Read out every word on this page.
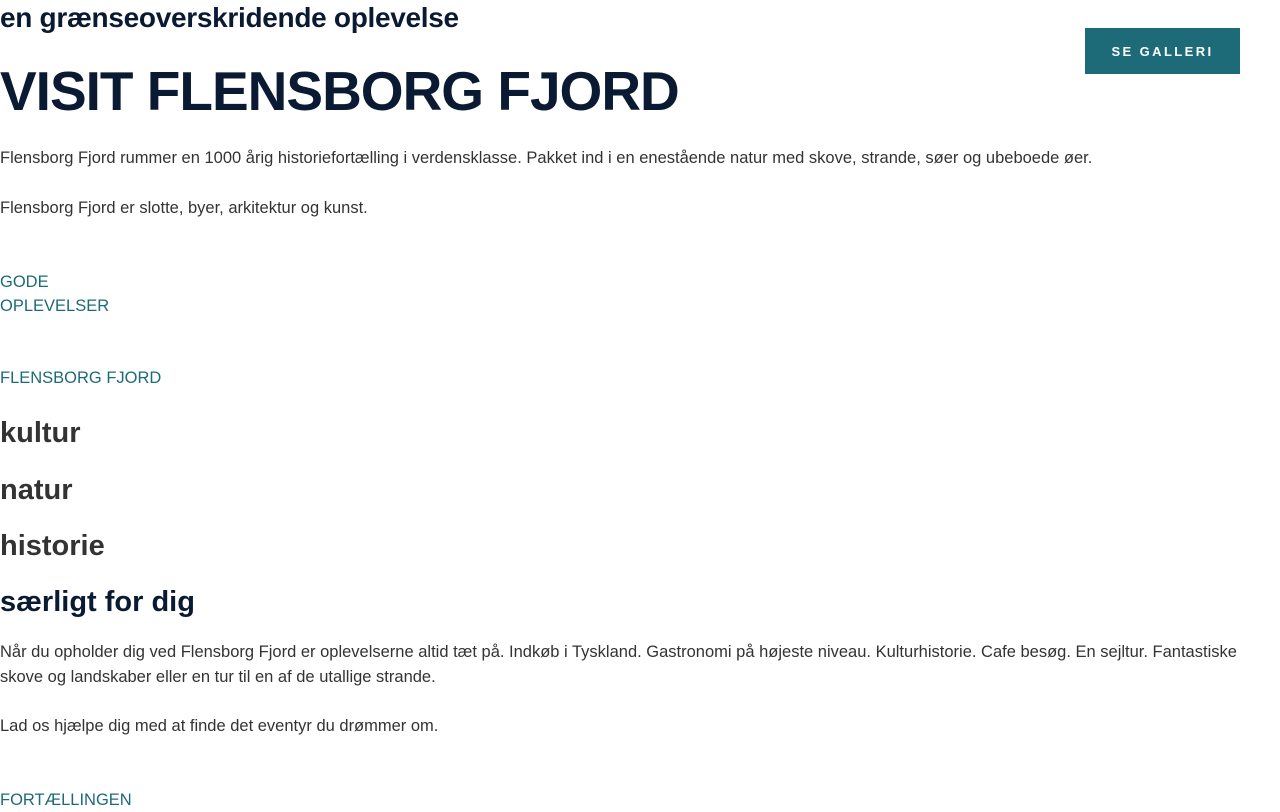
en grænseoverskridende oplevelse
VISIT FLENSBORG FJORD
SE GALLERI

Flensborg Fjord rummer en 1000 årig historiefortælling i verdensklasse. Pakket ind i en enestående natur med skove, strande, søer og ubeboede øer.

Flensborg Fjord er slotte, byer, arkitektur og kunst.

GODE
OPLEVELSER
FLENSBORG FJORD
kultur
natur
historie
særligt for dig

Når du opholder dig ved Flensborg Fjord er oplevelserne altid tæt på. Indkøb i Tyskland. Gastronomi på højeste niveau. Kulturhistorie. Cafe besøg. En sejltur. Fantastiske skove og landskaber eller en tur til en af de utallige strande.

Lad os hjælpe dig med at finde det eventyr du drømmer om.

FORTÆLLINGEN
